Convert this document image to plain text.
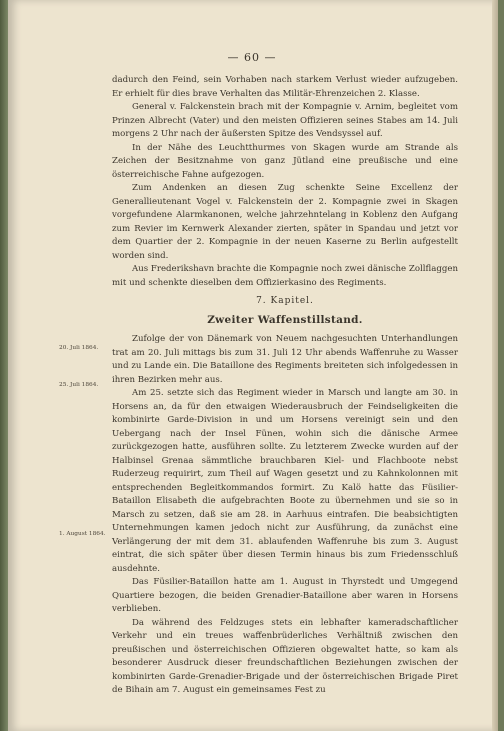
— 60 —

dadurch den Feind, sein Vorhaben nach starkem Verlust wieder aufzugeben. Er erhielt für dies brave Verhalten das Militär-Ehrenzeichen 2. Klasse.

General v. Falckenstein brach mit der Kompagnie v. Arnim, begleitet vom Prinzen Albrecht (Vater) und den meisten Offizieren seines Stabes am 14. Juli morgens 2 Uhr nach der äußersten Spitze des Vendsyssel auf.

In der Nähe des Leuchtthurmes von Skagen wurde am Strande als Zeichen der Besitznahme von ganz Jütland eine preußische und eine österreichische Fahne aufgezogen.

Zum Andenken an diesen Zug schenkte Seine Excellenz der Generallieutenant Vogel v. Falckenstein der 2. Kompagnie zwei in Skagen vorgefundene Alarmkanonen, welche jahrzehntelang in Koblenz den Aufgang zum Revier im Kernwerk Alexander zierten, später in Spandau und jetzt vor dem Quartier der 2. Kompagnie in der neuen Kaserne zu Berlin aufgestellt worden sind.

Aus Frederikshavn brachte die Kompagnie noch zwei dänische Zollflaggen mit und schenkte dieselben dem Offizierkasino des Regiments.

7. Kapitel.
Zweiter Waffenstillstand.

Zufolge der von Dänemark von Neuem nachgesuchten Unterhandlungen trat am 20. Juli mittags bis zum 31. Juli 12 Uhr abends Waffenruhe zu Wasser und zu Lande ein. Die Bataillone des Regiments breiteten sich infolgedessen in ihren Bezirken mehr aus.

Am 25. setzte sich das Regiment wieder in Marsch und langte am 30. in Horsens an, da für den etwaigen Wiederausbruch der Feindseligkeiten die kombinirte Garde-Division in und um Horsens vereinigt sein und den Uebergang nach der Insel Fünen, wohin sich die dänische Armee zurückgezogen hatte, ausführen sollte. Zu letzterem Zwecke wurden auf der Halbinsel Grenaa sämmtliche brauchbaren Kiel- und Flachboote nebst Ruderzeug requirirt, zum Theil auf Wagen gesetzt und zu Kahnkolonnen mit entsprechenden Begleitkommandos formirt. Zu Kalö hatte das Füsilier-Bataillon Elisabeth die aufgebrachten Boote zu übernehmen und sie so in Marsch zu setzen, daß sie am 28. in Aarhuus eintrafen. Die beabsichtigten Unternehmungen kamen jedoch nicht zur Ausführung, da zunächst eine Verlängerung der mit dem 31. ablaufenden Waffenruhe bis zum 3. August eintrat, die sich später über diesen Termin hinaus bis zum Friedensschluß ausdehnte.

Das Füsilier-Bataillon hatte am 1. August in Thyrstedt und Umgegend Quartiere bezogen, die beiden Grenadier-Bataillone aber waren in Horsens verblieben.

Da während des Feldzuges stets ein lebhafter kameradschaftlicher Verkehr und ein treues waffenbrüderliches Verhältniß zwischen den preußischen und österreichischen Offizieren obgewaltet hatte, so kam als besonderer Ausdruck dieser freundschaftlichen Beziehungen zwischen der kombinirten Garde-Grenadier-Brigade und der österreichischen Brigade Piret de Bihain am 7. August ein gemeinsames Fest zu

20. Juli 1864.
25. Juli 1864.
1. August 1864.
